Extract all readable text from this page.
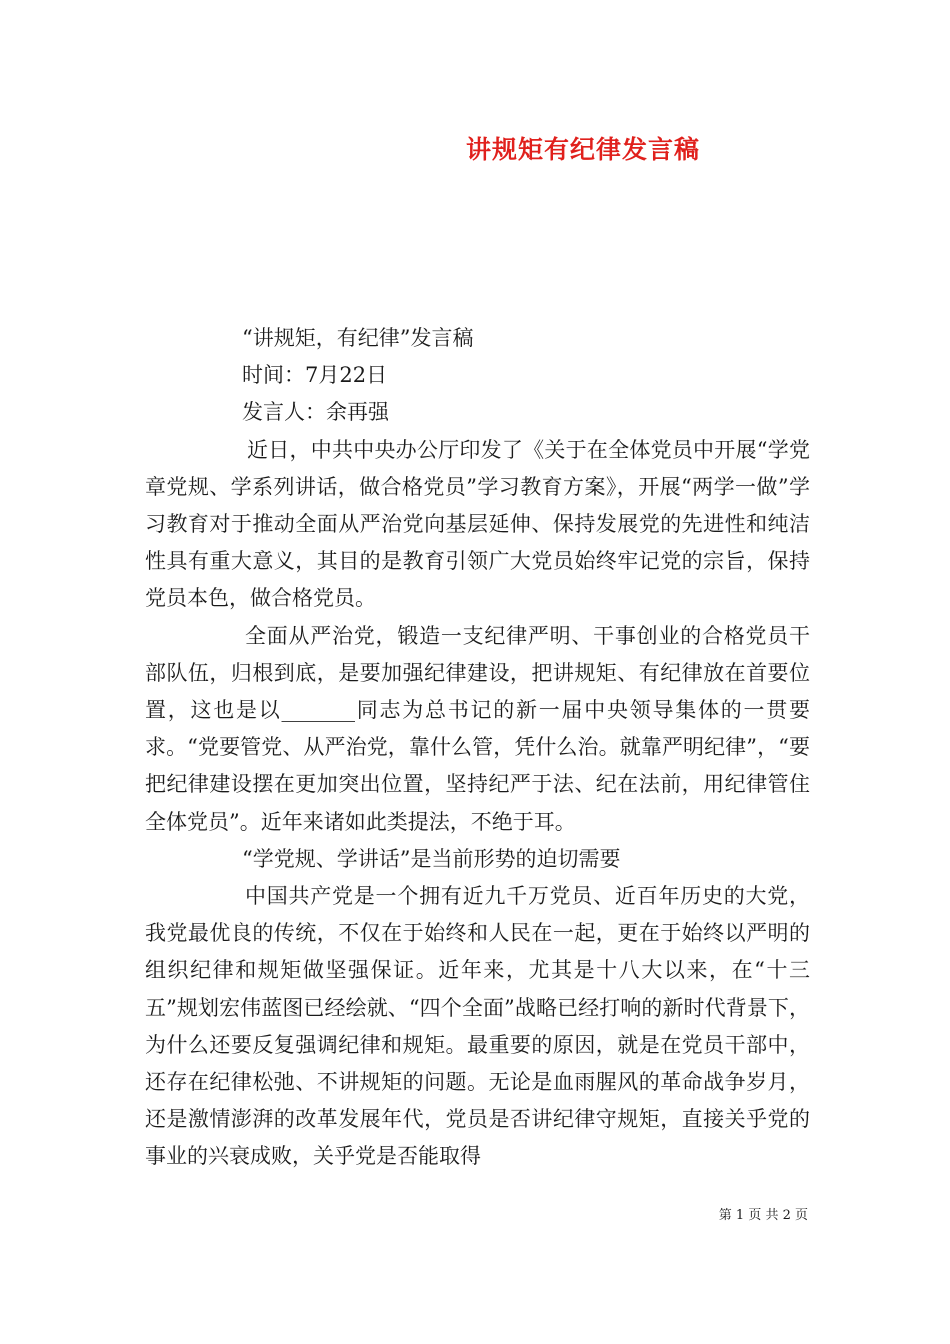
讲规矩有纪律发言稿
“讲规矩，有纪律”发言稿
时间：7月22日
发言人：余再强

近日，中共中央办公厅印发了《关于在全体党员中开展“学党章党规、学系列讲话，做合格党员”学习教育方案》，开展“两学一做”学习教育对于推动全面从严治党向基层延伸、保持发展党的先进性和纯洁性具有重大意义，其目的是教育引领广大党员始终牢记党的宗旨，保持党员本色，做合格党员。

全面从严治党，锻造一支纪律严明、干事创业的合格党员干部队伍，归根到底，是要加强纪律建设，把讲规矩、有纪律放在首要位置，这也是以_______同志为总书记的新一届中央领导集体的一贯要求。“党要管党、从严治党，靠什么管，凭什么治。就靠严明纪律”，“要把纪律建设摆在更加突出位置，坚持纪严于法、纪在法前，用纪律管住全体党员”。近年来诸如此类提法，不绝于耳。

“学党规、学讲话”是当前形势的迫切需要

中国共产党是一个拥有近九千万党员、近百年历史的大党，我党最优良的传统，不仅在于始终和人民在一起，更在于始终以严明的组织纪律和规矩做坚强保证。近年来，尤其是十八大以来，在“十三五”规划宏伟蓝图已经绘就、“四个全面”战略已经打响的新时代背景下，为什么还要反复强调纪律和规矩。最重要的原因，就是在党员干部中，还存在纪律松弛、不讲规矩的问题。无论是血雨腥风的革命战争岁月，还是激情澎湃的改革发展年代，党员是否讲纪律守规矩，直接关乎党的事业的兴衰成败，关乎党是否能取得

第 1 页 共 2 页
